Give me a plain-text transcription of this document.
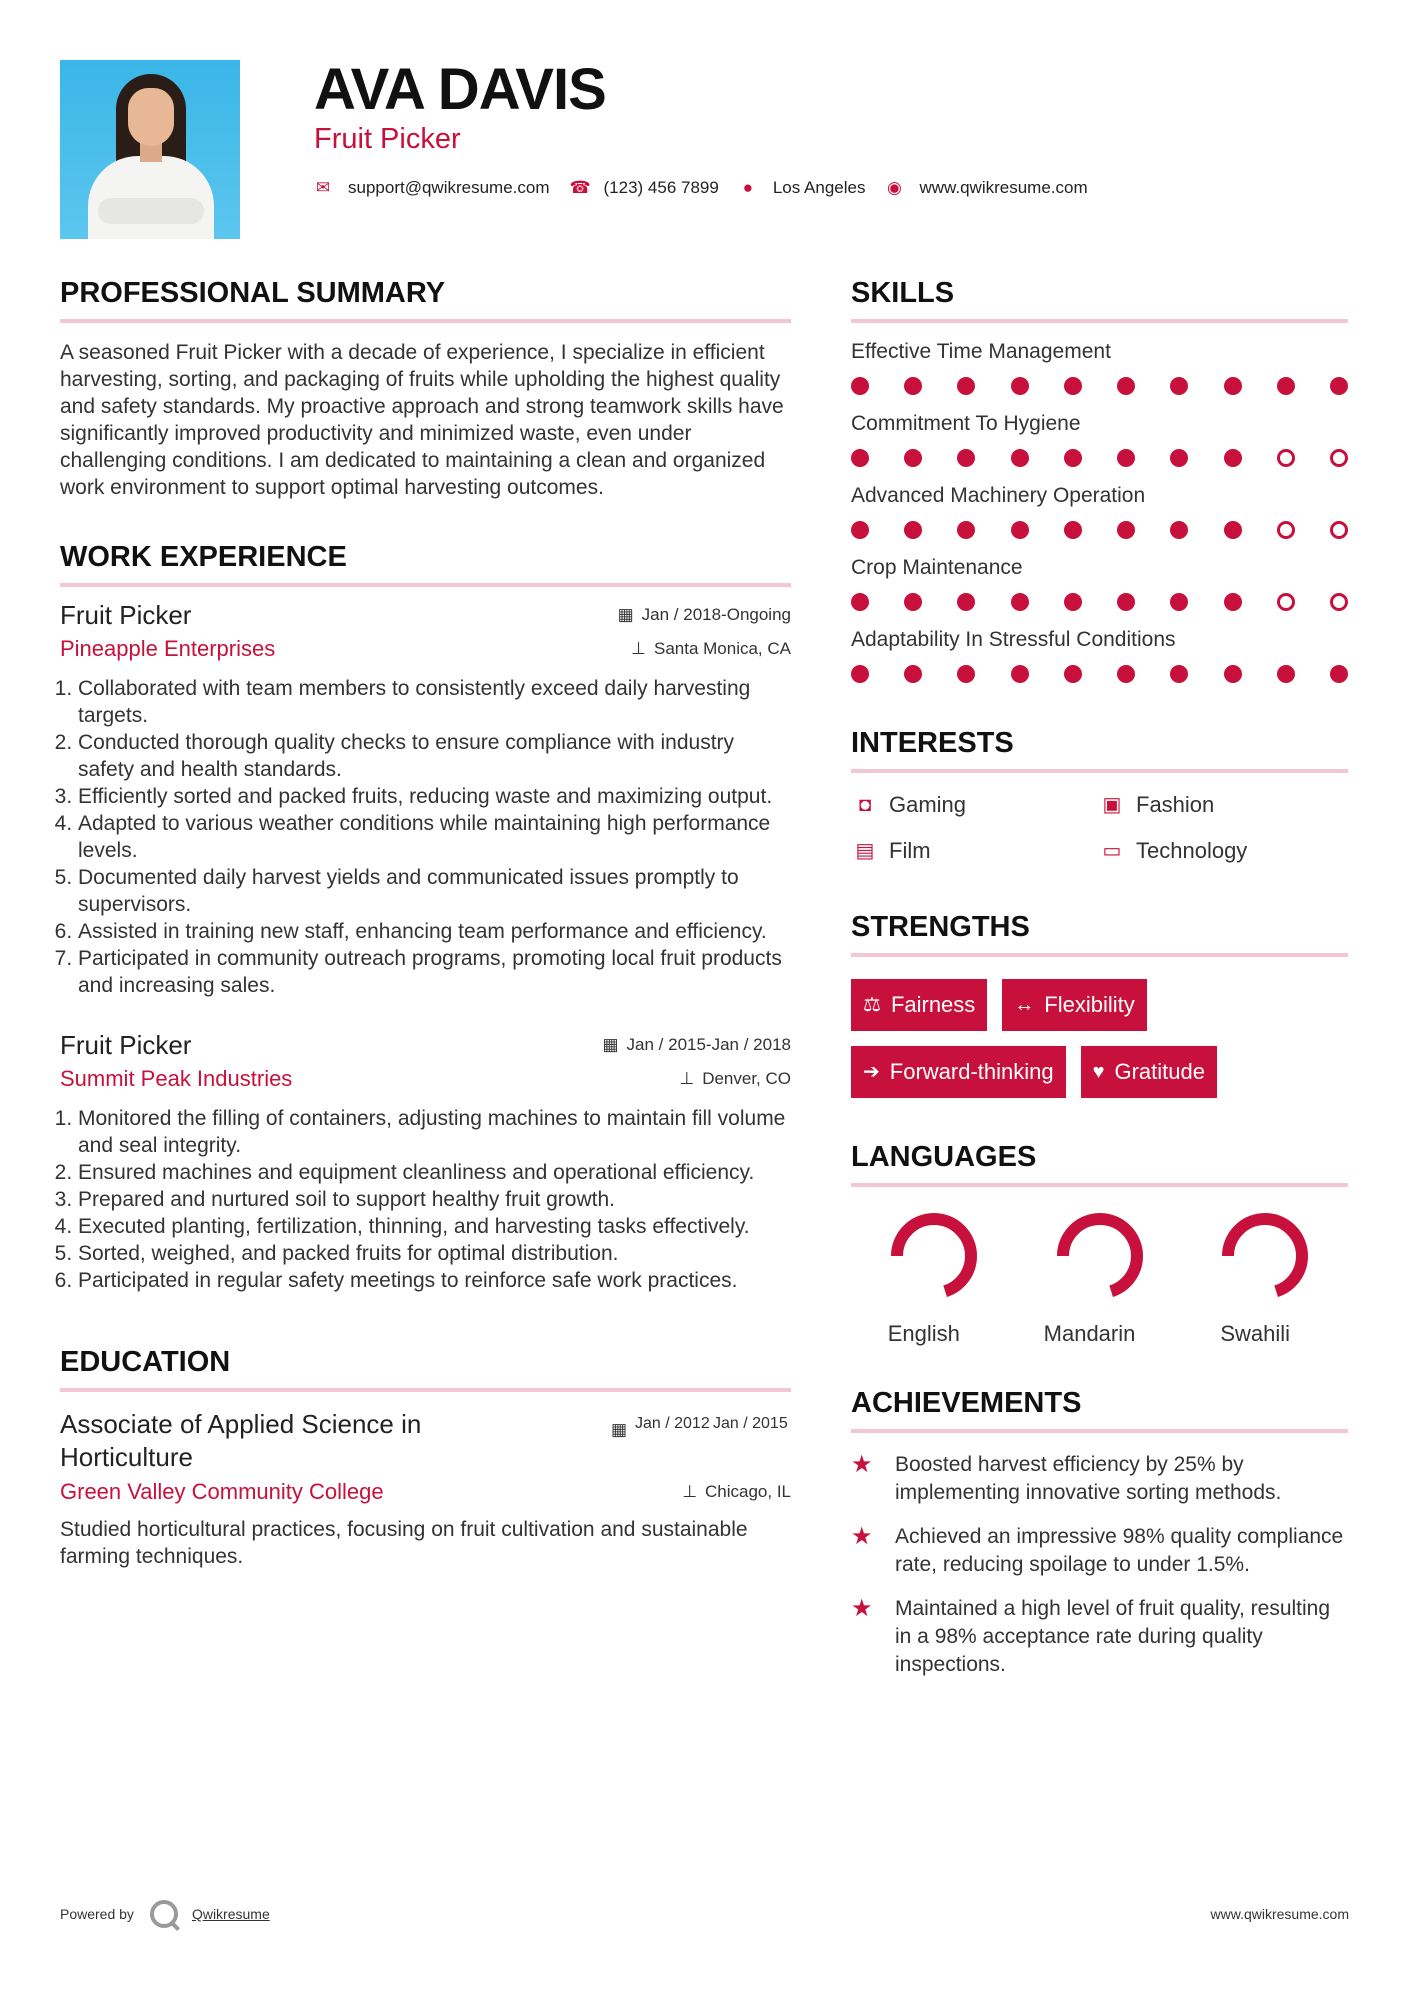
AVA DAVIS
Fruit Picker
✉ support@qwikresume.com ☎ (123) 456 7899 ● Los Angeles ◉ www.qwikresume.com
PROFESSIONAL SUMMARY

A seasoned Fruit Picker with a decade of experience, I specialize in efficient harvesting, sorting, and packaging of fruits while upholding the highest quality and safety standards. My proactive approach and strong teamwork skills have significantly improved productivity and minimized waste, even under challenging conditions. I am dedicated to maintaining a clean and organized work environment to support optimal harvesting outcomes.

WORK EXPERIENCE
Fruit Picker	▦ Jan / 2018-Ongoing
Pineapple Enterprises	⊥ Santa Monica, CA
1. Collaborated with team members to consistently exceed daily harvesting targets.
2. Conducted thorough quality checks to ensure compliance with industry safety and health standards.
3. Efficiently sorted and packed fruits, reducing waste and maximizing output.
4. Adapted to various weather conditions while maintaining high performance levels.
5. Documented daily harvest yields and communicated issues promptly to supervisors.
6. Assisted in training new staff, enhancing team performance and efficiency.
7. Participated in community outreach programs, promoting local fruit products and increasing sales.
Fruit Picker	▦ Jan / 2015-Jan / 2018
Summit Peak Industries	⊥ Denver, CO
1. Monitored the filling of containers, adjusting machines to maintain fill volume and seal integrity.
2. Ensured machines and equipment cleanliness and operational efficiency.
3. Prepared and nurtured soil to support healthy fruit growth.
4. Executed planting, fertilization, thinning, and harvesting tasks effectively.
5. Sorted, weighed, and packed fruits for optimal distribution.
6. Participated in regular safety meetings to reinforce safe work practices.
EDUCATION
Associate of Applied Science in Horticulture
▦ Jan / 2012 Jan / 2015
Green Valley Community College	⊥ Chicago, IL

Studied horticultural practices, focusing on fruit cultivation and sustainable farming techniques.

SKILLS
Effective Time Management
Commitment To Hygiene
Advanced Machinery Operation
Crop Maintenance
Adaptability In Stressful Conditions
INTERESTS
◘ Gaming	▣ Fashion
▤ Film	▭ Technology
STRENGTHS
⚖ Fairness ↔ Flexibility
➔ Forward-thinking ♥ Gratitude
LANGUAGES
English	Mandarin	Swahili
ACHIEVEMENTS
★	Boosted harvest efficiency by 25% by implementing innovative sorting methods.
★	Achieved an impressive 98% quality compliance rate, reducing spoilage to under 1.5%.
★	Maintained a high level of fruit quality, resulting in a 98% acceptance rate during quality inspections.
Powered by	Qwikresume	www.qwikresume.com
